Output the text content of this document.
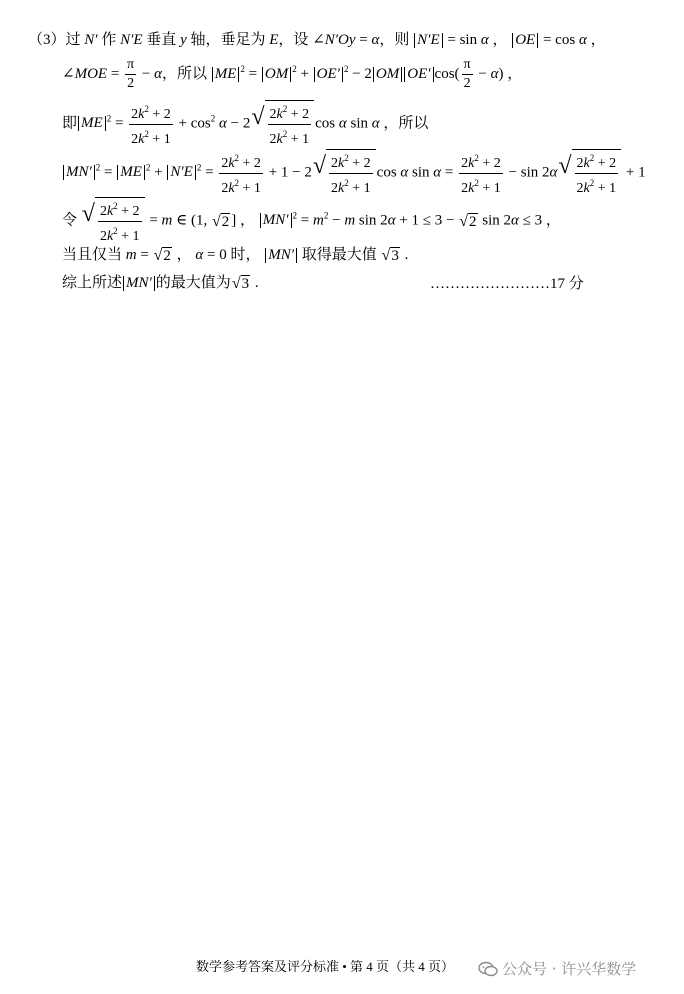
（3）过 N′ 作 N′E 垂直 y 轴，垂足为 E，设 ∠N′Oy = α，则 N′E = sin α ， OE = cos α ，
∠MOE = $\frac{\pi}{2} - \alpha$，所以 ME $^2$ = OM $^2$ + OE′ $^2$ − 2 OM OE′ $\cos( \frac{\pi}{2} - \alpha)$ ，
即 ME $^2 = \frac{2k^2 + 2}{2k^2 + 1} + \cos^2 \alpha - 2$ √ $\frac{2k^2 + 2}{2k^2 + 1}$ cos α sin α ，所以
MN′ $^2$ = ME $^2$ + N′E $^2 = \frac{2k^2 + 2}{2k^2 + 1} + 1 - 2$ √ $\frac{2k^2 + 2}{2k^2 + 1}$ cos α $\sin \alpha = \frac{2k^2 + 2}{2k^2 + 1} - \sin 2\alpha$ √ $\frac{2k^2 + 2}{2k^2 + 1} + 1$
令 √ $\frac{2k^2 + 2}{2k^2 + 1} = m$ ∈ (1, √ 2 ] ， MN′ $^2 = m^2 - m$ sin 2α + 1 ≤ 3 − √ 2 sin 2α ≤ 3 ，
当且仅当 m = √ 2 ， α = 0 时， MN′ 取得最大值 √ 3 .
综上所述 MN′ 的最大值为 √ 3 .	……………………17 分
数学参考答案及评分标准 • 第 4 页（共 4 页）	公众号 · 许兴华数学
